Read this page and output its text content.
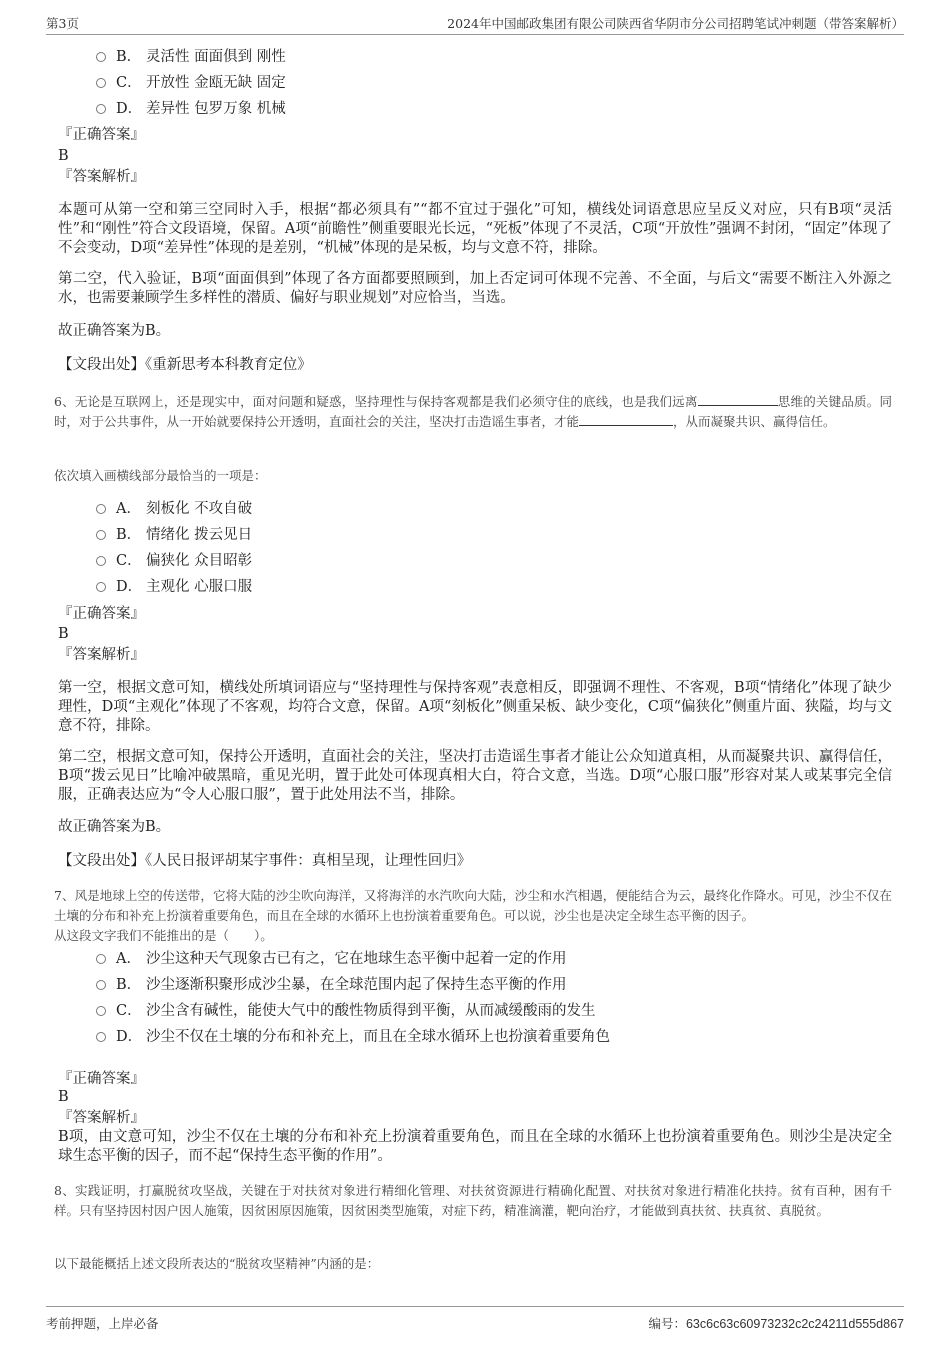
第3页	2024年中国邮政集团有限公司陕西省华阴市分公司招聘笔试冲刺题（带答案解析）
B． 灵活性 面面俱到 刚性
C． 开放性 金瓯无缺 固定
D． 差异性 包罗万象 机械
『正确答案』
B
『答案解析』
本题可从第一空和第三空同时入手，根据“都必须具有”“都不宜过于强化”可知，横线处词语意思应呈反义对应，只有B项“灵活性”和“刚性”符合文段语境，保留。A项“前瞻性”侧重要眼光长远，“死板”体现了不灵活，C项“开放性”强调不封闭，“固定”体现了不会变动，D项“差异性”体现的是差别，“机械”体现的是呆板，均与文意不符，排除。
第二空，代入验证，B项“面面俱到”体现了各方面都要照顾到，加上否定词可体现不完善、不全面，与后文“需要不断注入外源之水，也需要兼顾学生多样性的潜质、偏好与职业规划”对应恰当，当选。
故正确答案为B。
【文段出处】《重新思考本科教育定位》
6、无论是互联网上，还是现实中，面对问题和疑惑，坚持理性与保持客观都是我们必须守住的底线，也是我们远离	思维的关键品质。同时，对于公共事件，从一开始就要保持公开透明，直面社会的关注，坚决打击造谣生事者，才能	，从而凝聚共识、赢得信任。
依次填入画横线部分最恰当的一项是：
A． 刻板化 不攻自破
B． 情绪化 拨云见日
C． 偏狭化 众目昭彰
D． 主观化 心服口服
『正确答案』
B
『答案解析』
第一空，根据文意可知，横线处所填词语应与“坚持理性与保持客观”表意相反，即强调不理性、不客观，B项“情绪化”体现了缺少理性，D项“主观化”体现了不客观，均符合文意，保留。A项“刻板化”侧重呆板、缺少变化，C项“偏狭化”侧重片面、狭隘，均与文意不符，排除。
第二空，根据文意可知，保持公开透明，直面社会的关注，坚决打击造谣生事者才能让公众知道真相，从而凝聚共识、赢得信任，B项“拨云见日”比喻冲破黑暗，重见光明，置于此处可体现真相大白，符合文意，当选。D项“心服口服”形容对某人或某事完全信服，正确表达应为“令人心服口服”，置于此处用法不当，排除。
故正确答案为B。
【文段出处】《人民日报评胡某宇事件：真相呈现，让理性回归》
7、风是地球上空的传送带，它将大陆的沙尘吹向海洋，又将海洋的水汽吹向大陆，沙尘和水汽相遇，便能结合为云，最终化作降水。可见，沙尘不仅在土壤的分布和补充上扮演着重要角色，而且在全球的水循环上也扮演着重要角色。可以说，沙尘也是决定全球生态平衡的因子。
从这段文字我们不能推出的是（　　）。
A． 沙尘这种天气现象古已有之，它在地球生态平衡中起着一定的作用
B． 沙尘逐渐积聚形成沙尘暴，在全球范围内起了保持生态平衡的作用
C． 沙尘含有碱性，能使大气中的酸性物质得到平衡，从而减缓酸雨的发生
D． 沙尘不仅在土壤的分布和补充上，而且在全球水循环上也扮演着重要角色
『正确答案』
B
『答案解析』
B项，由文意可知，沙尘不仅在土壤的分布和补充上扮演着重要角色，而且在全球的水循环上也扮演着重要角色。则沙尘是决定全球生态平衡的因子，而不起“保持生态平衡的作用”。
8、实践证明，打赢脱贫攻坚战，关键在于对扶贫对象进行精细化管理、对扶贫资源进行精确化配置、对扶贫对象进行精准化扶持。贫有百种，困有千样。只有坚持因村因户因人施策，因贫困原因施策，因贫困类型施策，对症下药，精准滴灌，靶向治疗，才能做到真扶贫、扶真贫、真脱贫。
以下最能概括上述文段所表达的“脱贫攻坚精神”内涵的是：
考前押题，上岸必备	编号：63c6c63c60973232c2c24211d555d867
